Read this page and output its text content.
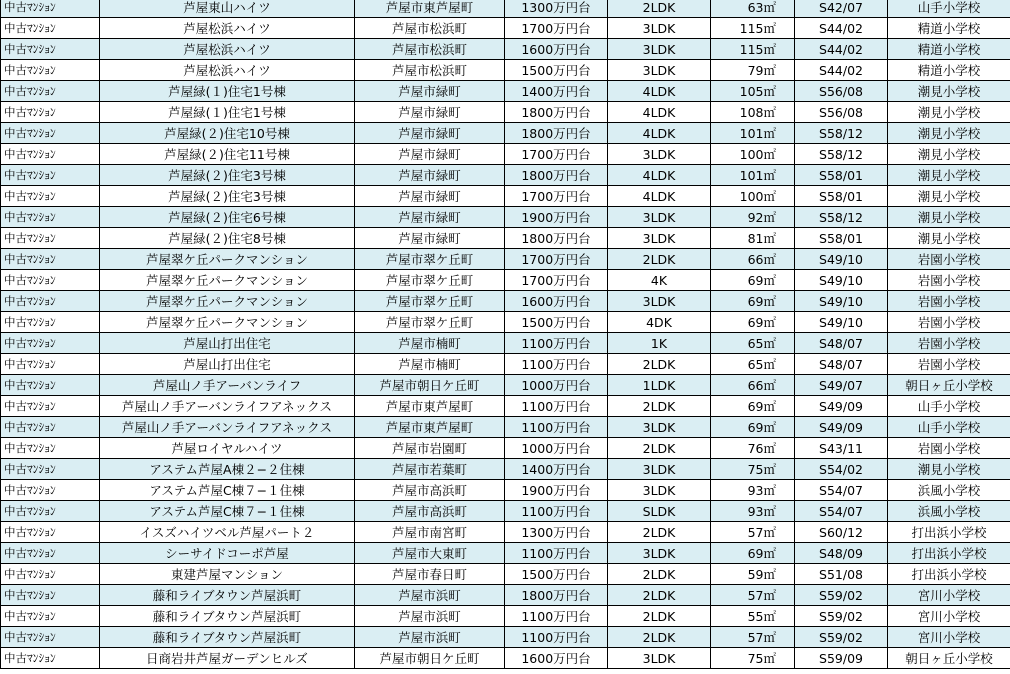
中古ﾏﾝｼｮﾝ	芦屋東山ハイツ	芦屋市東芦屋町	1300万円台	2LDK	63㎡	S42/07	山手小学校
中古ﾏﾝｼｮﾝ	芦屋松浜ハイツ	芦屋市松浜町	1700万円台	3LDK	115㎡	S44/02	精道小学校
中古ﾏﾝｼｮﾝ	芦屋松浜ハイツ	芦屋市松浜町	1600万円台	3LDK	115㎡	S44/02	精道小学校
中古ﾏﾝｼｮﾝ	芦屋松浜ハイツ	芦屋市松浜町	1500万円台	3LDK	79㎡	S44/02	精道小学校
中古ﾏﾝｼｮﾝ	芦屋緑(１)住宅1号棟	芦屋市緑町	1400万円台	4LDK	105㎡	S56/08	潮見小学校
中古ﾏﾝｼｮﾝ	芦屋緑(１)住宅1号棟	芦屋市緑町	1800万円台	4LDK	108㎡	S56/08	潮見小学校
中古ﾏﾝｼｮﾝ	芦屋緑(２)住宅10号棟	芦屋市緑町	1800万円台	4LDK	101㎡	S58/12	潮見小学校
中古ﾏﾝｼｮﾝ	芦屋緑(２)住宅11号棟	芦屋市緑町	1700万円台	3LDK	100㎡	S58/12	潮見小学校
中古ﾏﾝｼｮﾝ	芦屋緑(２)住宅3号棟	芦屋市緑町	1800万円台	4LDK	101㎡	S58/01	潮見小学校
中古ﾏﾝｼｮﾝ	芦屋緑(２)住宅3号棟	芦屋市緑町	1700万円台	4LDK	100㎡	S58/01	潮見小学校
中古ﾏﾝｼｮﾝ	芦屋緑(２)住宅6号棟	芦屋市緑町	1900万円台	3LDK	92㎡	S58/12	潮見小学校
中古ﾏﾝｼｮﾝ	芦屋緑(２)住宅8号棟	芦屋市緑町	1800万円台	3LDK	81㎡	S58/01	潮見小学校
中古ﾏﾝｼｮﾝ	芦屋翠ケ丘パークマンション	芦屋市翠ケ丘町	1700万円台	2LDK	66㎡	S49/10	岩園小学校
中古ﾏﾝｼｮﾝ	芦屋翠ケ丘パークマンション	芦屋市翠ケ丘町	1700万円台	4K	69㎡	S49/10	岩園小学校
中古ﾏﾝｼｮﾝ	芦屋翠ケ丘パークマンション	芦屋市翠ケ丘町	1600万円台	3LDK	69㎡	S49/10	岩園小学校
中古ﾏﾝｼｮﾝ	芦屋翠ケ丘パークマンション	芦屋市翠ケ丘町	1500万円台	4DK	69㎡	S49/10	岩園小学校
中古ﾏﾝｼｮﾝ	芦屋山打出住宅	芦屋市楠町	1100万円台	1K	65㎡	S48/07	岩園小学校
中古ﾏﾝｼｮﾝ	芦屋山打出住宅	芦屋市楠町	1100万円台	2LDK	65㎡	S48/07	岩園小学校
中古ﾏﾝｼｮﾝ	芦屋山ノ手アーバンライフ	芦屋市朝日ケ丘町	1000万円台	1LDK	66㎡	S49/07	朝日ヶ丘小学校
中古ﾏﾝｼｮﾝ	芦屋山ノ手アーバンライフアネックス	芦屋市東芦屋町	1100万円台	2LDK	69㎡	S49/09	山手小学校
中古ﾏﾝｼｮﾝ	芦屋山ノ手アーバンライフアネックス	芦屋市東芦屋町	1100万円台	3LDK	69㎡	S49/09	山手小学校
中古ﾏﾝｼｮﾝ	芦屋ロイヤルハイツ	芦屋市岩園町	1000万円台	2LDK	76㎡	S43/11	岩園小学校
中古ﾏﾝｼｮﾝ	アステム芦屋A棟２−２住棟	芦屋市若葉町	1400万円台	3LDK	75㎡	S54/02	潮見小学校
中古ﾏﾝｼｮﾝ	アステム芦屋C棟７−１住棟	芦屋市高浜町	1900万円台	3LDK	93㎡	S54/07	浜風小学校
中古ﾏﾝｼｮﾝ	アステム芦屋C棟７−１住棟	芦屋市高浜町	1100万円台	SLDK	93㎡	S54/07	浜風小学校
中古ﾏﾝｼｮﾝ	イスズハイツベル芦屋パート２	芦屋市南宮町	1300万円台	2LDK	57㎡	S60/12	打出浜小学校
中古ﾏﾝｼｮﾝ	シーサイドコーポ芦屋	芦屋市大東町	1100万円台	3LDK	69㎡	S48/09	打出浜小学校
中古ﾏﾝｼｮﾝ	東建芦屋マンション	芦屋市春日町	1500万円台	2LDK	59㎡	S51/08	打出浜小学校
中古ﾏﾝｼｮﾝ	藤和ライブタウン芦屋浜町	芦屋市浜町	1800万円台	2LDK	57㎡	S59/02	宮川小学校
中古ﾏﾝｼｮﾝ	藤和ライブタウン芦屋浜町	芦屋市浜町	1100万円台	2LDK	55㎡	S59/02	宮川小学校
中古ﾏﾝｼｮﾝ	藤和ライブタウン芦屋浜町	芦屋市浜町	1100万円台	2LDK	57㎡	S59/02	宮川小学校
中古ﾏﾝｼｮﾝ	日商岩井芦屋ガーデンヒルズ	芦屋市朝日ケ丘町	1600万円台	3LDK	75㎡	S59/09	朝日ヶ丘小学校
